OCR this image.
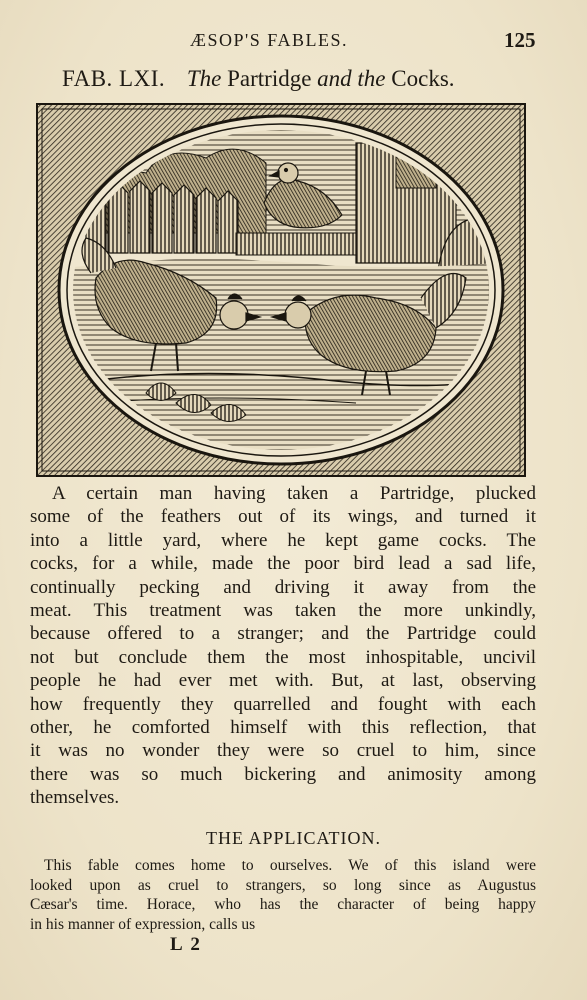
ÆSOP'S FABLES.	125
FAB. LXI. The Partridge and the Cocks.
A certain man having taken a Partridge, plucked
some of the feathers out of its wings, and turned it
into a little yard, where he kept game cocks. The
cocks, for a while, made the poor bird lead a sad life,
continually pecking and driving it away from the
meat. This treatment was taken the more unkindly,
because offered to a stranger; and the Partridge could
not but conclude them the most inhospitable, uncivil
people he had ever met with. But, at last, observing
how frequently they quarrelled and fought with each
other, he comforted himself with this reflection, that
it was no wonder they were so cruel to him, since
there was so much bickering and animosity among
themselves.
THE APPLICATION.
This fable comes home to ourselves. We of this island were
looked upon as cruel to strangers, so long since as Augustus
Cæsar's time. Horace, who has the character of being happy
in his manner of expression, calls us
L 2
